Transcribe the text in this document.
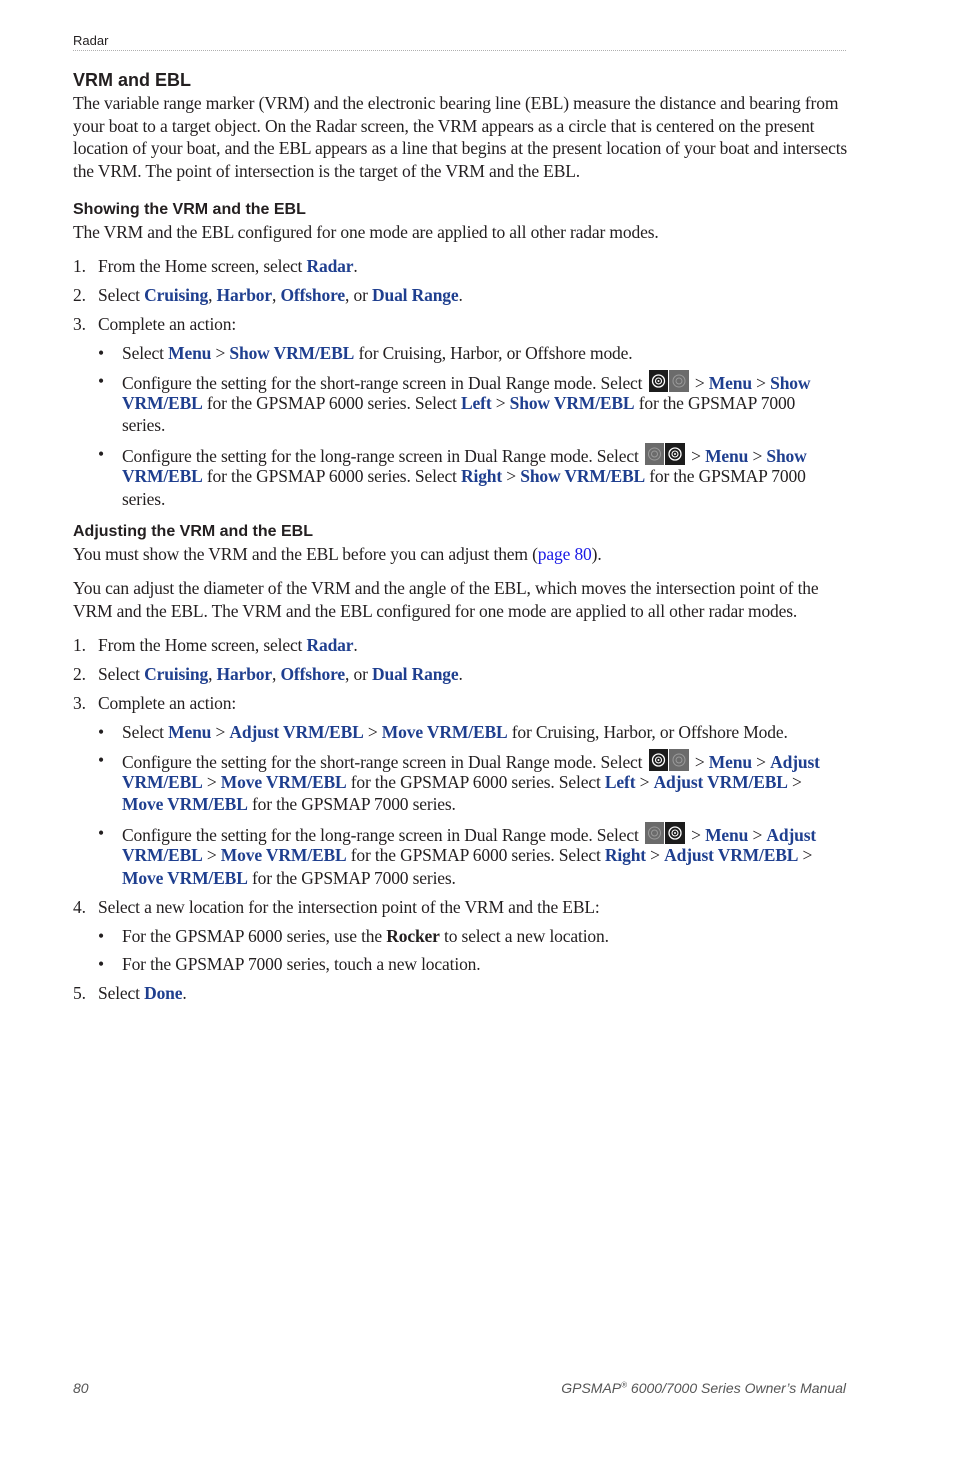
Radar
VRM and EBL

The variable range marker (VRM) and the electronic bearing line (EBL) measure the distance and bearing from your boat to a target object. On the Radar screen, the VRM appears as a circle that is centered on the present location of your boat, and the EBL appears as a line that begins at the present location of your boat and intersects the VRM. The point of intersection is the target of the VRM and the EBL.

Showing the VRM and the EBL

The VRM and the EBL configured for one mode are applied to all other radar modes.

1. From the Home screen, select Radar.
2. Select Cruising, Harbor, Offshore, or Dual Range.
3. Complete an action:
• Select Menu > Show VRM/EBL for Cruising, Harbor, or Offshore mode.
• Configure the setting for the short-range screen in Dual Range mode. Select	> Menu > Show
VRM/EBL for the GPSMAP 6000 series. Select Left > Show VRM/EBL for the GPSMAP 7000
series.
• Configure the setting for the long-range screen in Dual Range mode. Select	> Menu > Show
VRM/EBL for the GPSMAP 6000 series. Select Right > Show VRM/EBL for the GPSMAP 7000
series.
Adjusting the VRM and the EBL
You must show the VRM and the EBL before you can adjust them (page 80).

You can adjust the diameter of the VRM and the angle of the EBL, which moves the intersection point of the VRM and the EBL. The VRM and the EBL configured for one mode are applied to all other radar modes.

1. From the Home screen, select Radar.
2. Select Cruising, Harbor, Offshore, or Dual Range.
3. Complete an action:
• Select Menu > Adjust VRM/EBL > Move VRM/EBL for Cruising, Harbor, or Offshore Mode.
• Configure the setting for the short-range screen in Dual Range mode. Select	> Menu > Adjust
VRM/EBL > Move VRM/EBL for the GPSMAP 6000 series. Select Left > Adjust VRM/EBL >
Move VRM/EBL for the GPSMAP 7000 series.
• Configure the setting for the long-range screen in Dual Range mode. Select	> Menu > Adjust
VRM/EBL > Move VRM/EBL for the GPSMAP 6000 series. Select Right > Adjust VRM/EBL >
Move VRM/EBL for the GPSMAP 7000 series.
4. Select a new location for the intersection point of the VRM and the EBL:
• For the GPSMAP 6000 series, use the Rocker to select a new location.
• For the GPSMAP 7000 series, touch a new location.
5. Select Done.
80	GPSMAP® 6000/7000 Series Owner’s Manual
